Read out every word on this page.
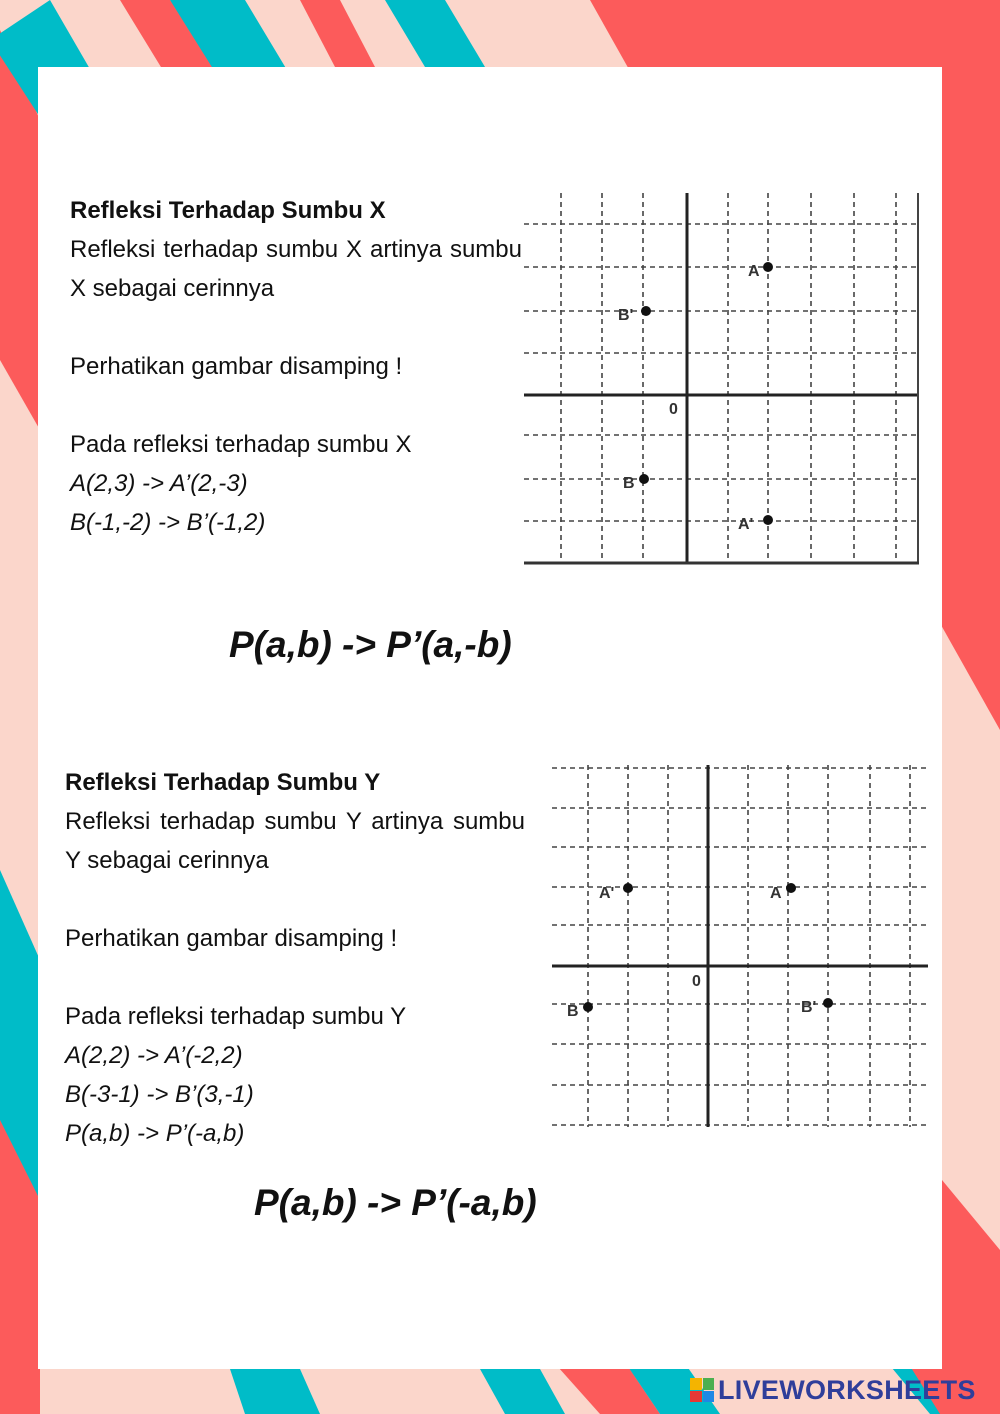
Refleksi Terhadap Sumbu X

Refleksi terhadap sumbu X artinya sumbu X sebagai cerinnya

Perhatikan gambar disamping !

Pada refleksi terhadap sumbu X

A(2,3) -> A’(2,-3)

B(-1,-2) -> B’(-1,2)

0
A
B'
B
A'
P(a,b) -> P’(a,-b)

Refleksi Terhadap Sumbu Y

Refleksi terhadap sumbu Y artinya sumbu Y sebagai cerinnya

Perhatikan gambar disamping !

Pada refleksi terhadap sumbu Y

A(2,2) -> A’(-2,2)

B(-3-1) -> B’(3,-1)

P(a,b) -> P’(-a,b)

0
A'	A
B	B'
P(a,b) -> P’(-a,b)
LIVEWORKSHEETS
